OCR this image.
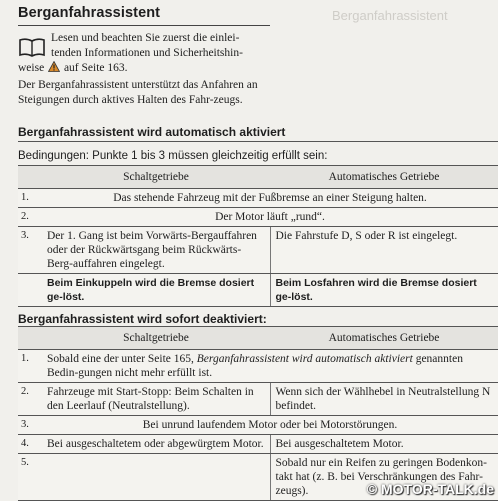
Berganfahrassistent
Berganfahrassistent
Lesen und beachten Sie zuerst die einlei-
tenden Informationen und Sicherheitshin-
weise auf Seite 163.
Der Berganfahrassistent unterstützt das Anfahren an Steigungen durch aktives Halten des Fahr-zeugs.
Berganfahrassistent wird automatisch aktiviert
Bedingungen: Punkte 1 bis 3 müssen gleichzeitig erfüllt sein:
	Schaltgetriebe	Automatisches Getriebe
1.	Das stehende Fahrzeug mit der Fußbremse an einer Steigung halten.	
2.	Der Motor läuft „rund“.	
3.	Der 1. Gang ist beim Vorwärts-Bergauffahren oder der Rückwärtsgang beim Rückwärts-Berg-auffahren eingelegt.	Die Fahrstufe D, S oder R ist eingelegt.
	Beim Einkuppeln wird die Bremse dosiert ge-löst.	Beim Losfahren wird die Bremse dosiert ge-löst.
Berganfahrassistent wird sofort deaktiviert:
	Schaltgetriebe	Automatisches Getriebe
1.	Sobald eine der unter Seite 165, Berganfahrassistent wird automatisch aktiviert genannten Bedin-gungen nicht mehr erfüllt ist.	
2.	Fahrzeuge mit Start-Stopp: Beim Schalten in den Leerlauf (Neutralstellung).	Wenn sich der Wählhebel in Neutralstellung N befindet.
3.	Bei unrund laufendem Motor oder bei Motorstörungen.	
4.	Bei ausgeschaltetem oder abgewürgtem Motor.	Bei ausgeschaltetem Motor.
5.		Sobald nur ein Reifen zu geringen Bodenkon-takt hat (z. B. bei Verschränkungen des Fahr-zeugs).	© MOTOR-TALK.de
